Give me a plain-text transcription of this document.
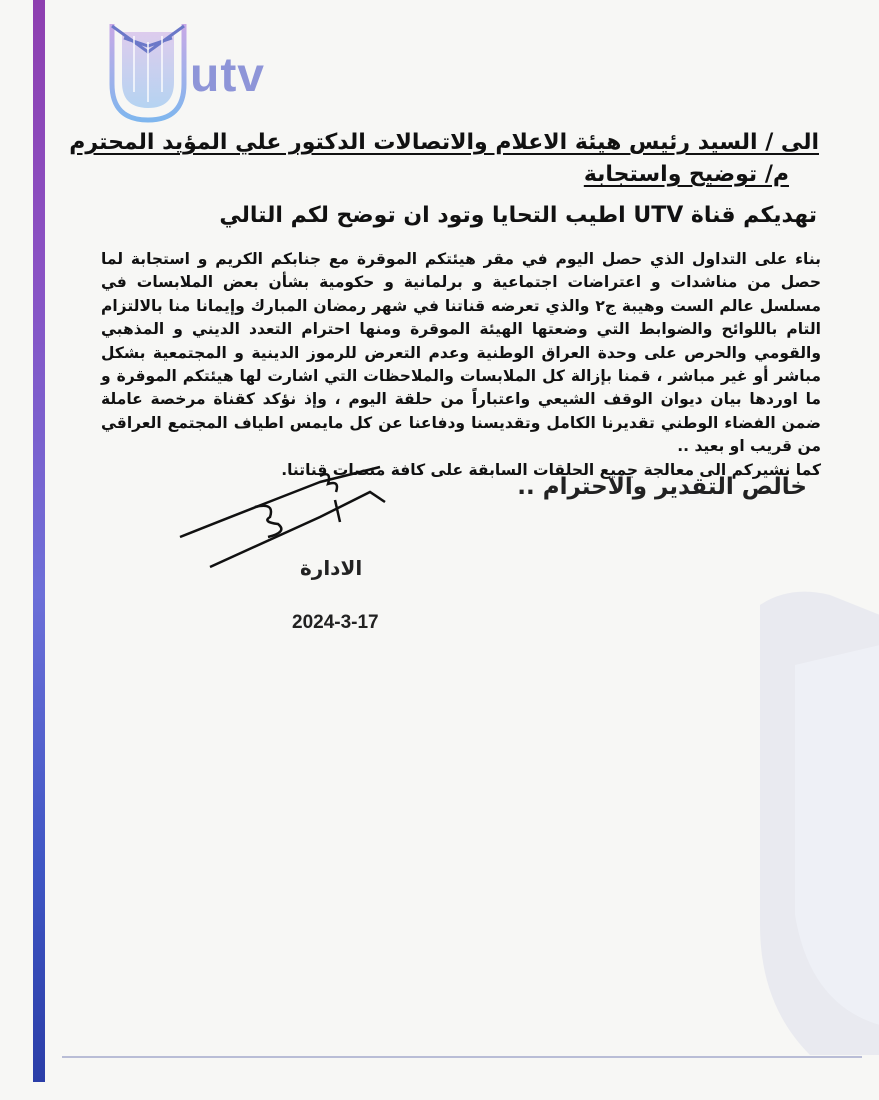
utv
الى / السيد رئيس هيئة الاعلام والاتصالات الدكتور علي المؤيد المحترم
م/ توضيح واستجابة
تهديكم قناة UTV اطيب التحايا وتود ان توضح لكم التالي

بناء على التداول الذي حصل اليوم في مقر هيئتكم الموقرة مع جنابكم الكريم و استجابة لما حصل من مناشدات و اعتراضات اجتماعية و برلمانية و حكومية بشأن بعض الملابسات في مسلسل عالم الست وهيبة ج٢ والذي تعرضه قناتنا في شهر رمضان المبارك وإيمانا منا بالالتزام التام باللوائح والضوابط التي وضعتها الهيئة الموقرة ومنها احترام التعدد الديني و المذهبي والقومي والحرص على وحدة العراق الوطنية وعدم التعرض للرموز الدينية و المجتمعية بشكل مباشر أو غير مباشر ، قمنا بإزالة كل الملابسات والملاحظات التي اشارت لها هيئتكم الموقرة و ما اوردها بيان ديوان الوقف الشيعي واعتباراً من حلقة اليوم ، وإذ نؤكد كقناة مرخصة عاملة ضمن الفضاء الوطني تقديرنا الكامل وتقديسنا ودفاعنا عن كل مايمس اطياف المجتمع العراقي من قريب او بعيد ..

كما نشيركم الى معالجة جميع الحلقات السابقة على كافة منصات قناتنا.

خالص التقدير والاحترام ..
الادارة
2024-3-17
